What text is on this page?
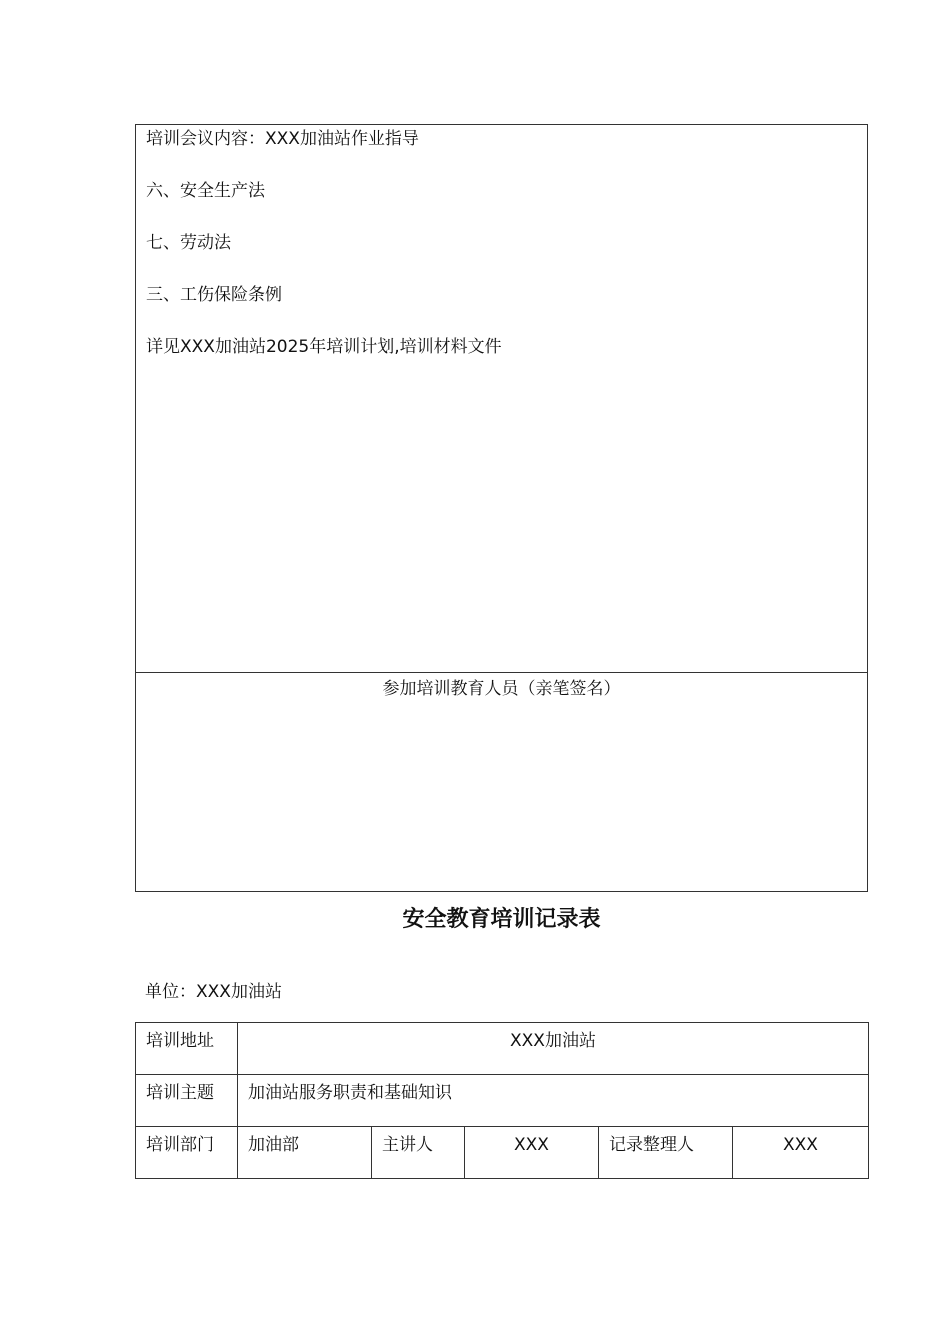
培训会议内容：XXX加油站作业指导
六、安全生产法
七、劳动法
三、工伤保险条例
详见XXX加油站2025年培训计划,培训材料文件
参加培训教育人员（亲笔签名）
安全教育培训记录表
单位：XXX加油站
培训地址	XXX加油站				
培训主题	加油站服务职责和基础知识				
培训部门	加油部	主讲人	XXX	记录整理人	XXX
